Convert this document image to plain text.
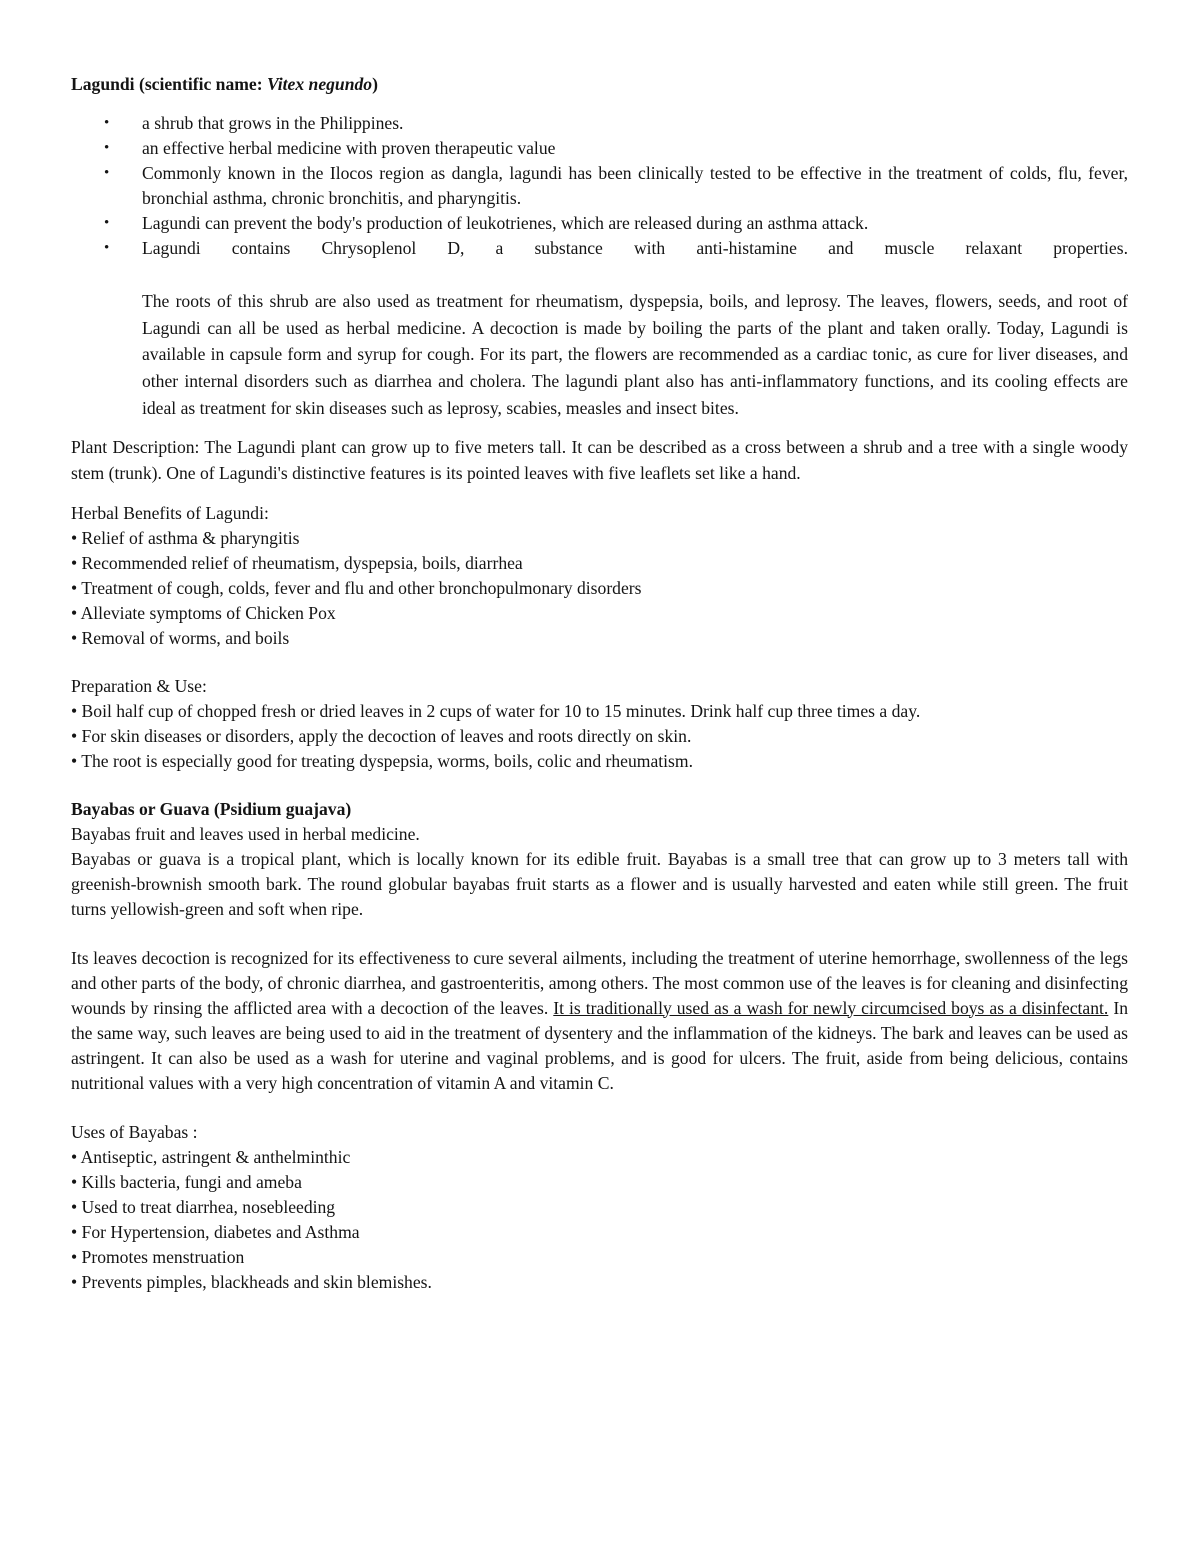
Lagundi (scientific name: Vitex negundo)

• a shrub that grows in the Philippines.
• an effective herbal medicine with proven therapeutic value
• Commonly known in the Ilocos region as dangla, lagundi has been clinically tested to be effective in the treatment of colds, flu, fever, bronchial asthma, chronic bronchitis, and pharyngitis.
• Lagundi can prevent the body's production of leukotrienes, which are released during an asthma attack.
• Lagundi contains Chrysoplenol D, a substance with anti-histamine and muscle relaxant properties.

The roots of this shrub are also used as treatment for rheumatism, dyspepsia, boils, and leprosy. The leaves, flowers, seeds, and root of Lagundi can all be used as herbal medicine. A decoction is made by boiling the parts of the plant and taken orally. Today, Lagundi is available in capsule form and syrup for cough. For its part, the flowers are recommended as a cardiac tonic, as cure for liver diseases, and other internal disorders such as diarrhea and cholera. The lagundi plant also has anti-inflammatory functions, and its cooling effects are ideal as treatment for skin diseases such as leprosy, scabies, measles and insect bites.

Plant Description: The Lagundi plant can grow up to five meters tall. It can be described as a cross between a shrub and a tree with a single woody stem (trunk). One of Lagundi's distinctive features is its pointed leaves with five leaflets set like a hand.

Herbal Benefits of Lagundi:
• Relief of asthma & pharyngitis
• Recommended relief of rheumatism, dyspepsia, boils, diarrhea
• Treatment of cough, colds, fever and flu and other bronchopulmonary disorders
• Alleviate symptoms of Chicken Pox
• Removal of worms, and boils
Preparation & Use:
• Boil half cup of chopped fresh or dried leaves in 2 cups of water for 10 to 15 minutes. Drink half cup three times a day.
• For skin diseases or disorders, apply the decoction of leaves and roots directly on skin.
• The root is especially good for treating dyspepsia, worms, boils, colic and rheumatism.
Bayabas or Guava (Psidium guajava)
Bayabas fruit and leaves used in herbal medicine.

Bayabas or guava is a tropical plant, which is locally known for its edible fruit. Bayabas is a small tree that can grow up to 3 meters tall with greenish-brownish smooth bark. The round globular bayabas fruit starts as a flower and is usually harvested and eaten while still green. The fruit turns yellowish-green and soft when ripe.

Its leaves decoction is recognized for its effectiveness to cure several ailments, including the treatment of uterine hemorrhage, swollenness of the legs and other parts of the body, of chronic diarrhea, and gastroenteritis, among others. The most common use of the leaves is for cleaning and disinfecting wounds by rinsing the afflicted area with a decoction of the leaves. It is traditionally used as a wash for newly circumcised boys as a disinfectant. In the same way, such leaves are being used to aid in the treatment of dysentery and the inflammation of the kidneys. The bark and leaves can be used as astringent. It can also be used as a wash for uterine and vaginal problems, and is good for ulcers. The fruit, aside from being delicious, contains nutritional values with a very high concentration of vitamin A and vitamin C.

Uses of Bayabas :
• Antiseptic, astringent & anthelminthic
• Kills bacteria, fungi and ameba
• Used to treat diarrhea, nosebleeding
• For Hypertension, diabetes and Asthma
• Promotes menstruation
• Prevents pimples, blackheads and skin blemishes.
